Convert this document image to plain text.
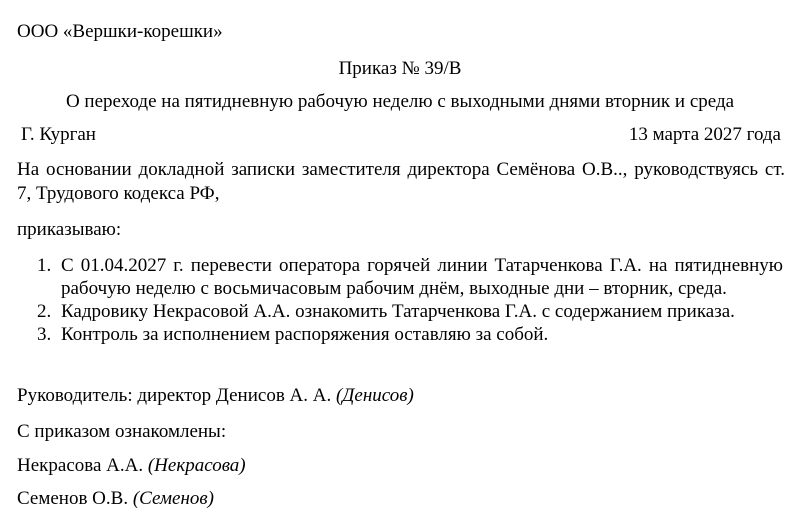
ООО «Вершки-корешки»
Приказ № 39/В
О переходе на пятидневную рабочую неделю с выходными днями вторник и среда
Г. Курган	13 марта 2027 года
На основании докладной записки заместителя директора Семёнова О.В.., руководствуясь ст. 7, Трудового кодекса РФ,
приказываю:
1. С 01.04.2027 г. перевести оператора горячей линии Татарченкова Г.А. на пятидневную рабочую неделю с восьмичасовым рабочим днём, выходные дни – вторник, среда.
2. Кадровику Некрасовой А.А. ознакомить Татарченкова Г.А. с содержанием приказа.
3. Контроль за исполнением распоряжения оставляю за собой.
Руководитель: директор Денисов А. А. (Денисов)
С приказом ознакомлены:
Некрасова А.А. (Некрасова)
Семенов О.В. (Семенов)
